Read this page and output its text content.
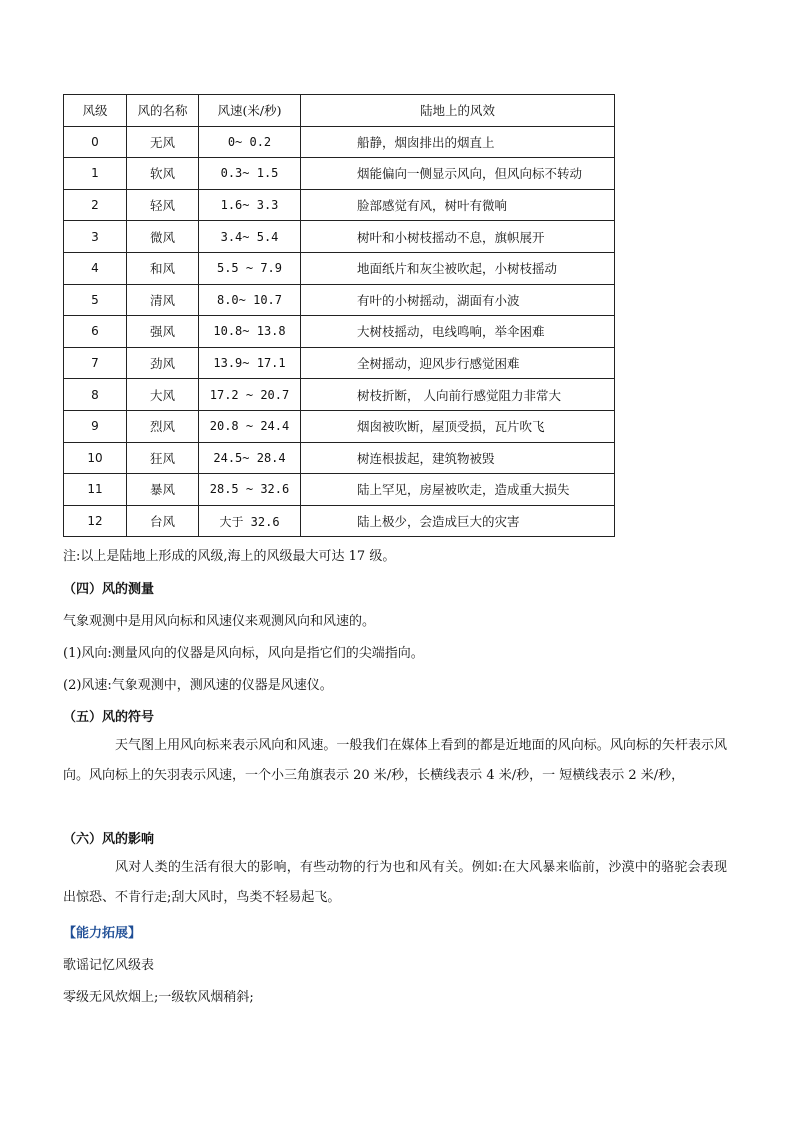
风级	风的名称	风速(米/秒)	陆地上的风效
0	无风	0~ 0.2	船静，烟囱排出的烟直上
1	软风	0.3~ 1.5	烟能偏向一侧显示风向，但风向标不转动
2	轻风	1.6~ 3.3	脸部感觉有风，树叶有微响
3	微风	3.4~ 5.4	树叶和小树枝摇动不息，旗帜展开
4	和风	5.5 ~ 7.9	地面纸片和灰尘被吹起，小树枝摇动
5	清风	8.0~ 10.7	有叶的小树摇动，湖面有小波
6	强风	10.8~ 13.8	大树枝摇动，电线鸣响，举伞困难
7	劲风	13.9~ 17.1	全树摇动，迎风步行感觉困难
8	大风	17.2 ~ 20.7	树枝折断， 人向前行感觉阻力非常大
9	烈风	20.8 ~ 24.4	烟囱被吹断，屋顶受损，瓦片吹飞
10	狂风	24.5~ 28.4	树连根拔起，建筑物被毁
11	暴风	28.5 ~ 32.6	陆上罕见，房屋被吹走，造成重大损失
12	台风	大于 32.6	陆上极少，会造成巨大的灾害
注:以上是陆地上形成的风级,海上的风级最大可达 17 级。
（四）风的测量
气象观测中是用风向标和风速仪来观测风向和风速的。
(1)风向:测量风向的仪器是风向标，风向是指它们的尖端指向。
(2)风速:气象观测中，测风速的仪器是风速仪。
（五）风的符号
天气图上用风向标来表示风向和风速。一般我们在媒体上看到的都是近地面的风向标。风向标的矢杆表示风向。风向标上的矢羽表示风速，一个小三角旗表示 20 米/秒，长横线表示 4 米/秒，一 短横线表示 2 米/秒，
（六）风的影响
风对人类的生活有很大的影响，有些动物的行为也和风有关。例如:在大风暴来临前，沙漠中的骆驼会表现出惊恐、不肯行走;刮大风时，鸟类不轻易起飞。
【能力拓展】
歌谣记忆风级表
零级无风炊烟上;一级软风烟稍斜;
